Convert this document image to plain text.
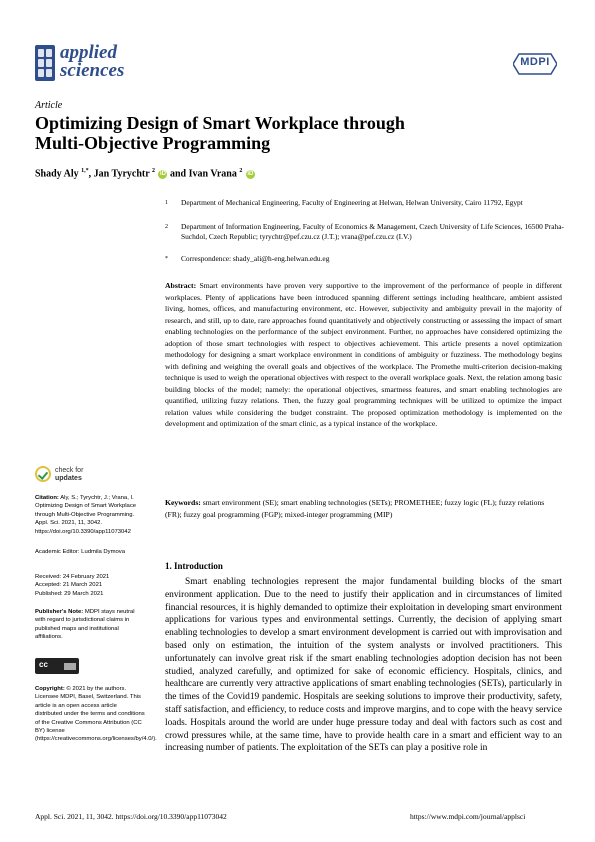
applied
sciences	MDPI
Article
Optimizing Design of Smart Workplace through Multi-Objective Programming
Shady Aly $^{1,*}$, Jan Tyrychtr $^2$ iD and Ivan Vrana $^2$ iD
1 Department of Mechanical Engineering, Faculty of Engineering at Helwan, Helwan University, Cairo 11792, Egypt
2 Department of Information Engineering, Faculty of Economics & Management, Czech University of Life Sciences, 16500 Praha-Suchdol, Czech Republic; tyrychtr@pef.czu.cz (J.T.); vrana@pef.czu.cz (I.V.)
* Correspondence: shady_ali@h-eng.helwan.edu.eg
Abstract: Smart environments have proven very supportive to the improvement of the performance of people in different workplaces. Plenty of applications have been introduced spanning different settings including healthcare, ambient assisted living, homes, offices, and manufacturing environment, etc. However, subjectivity and ambiguity prevail in the majority of research, and still, up to date, rare approaches found quantitatively and objectively constructing or assessing the impact of smart enabling technologies on the performance of the subject environment. Further, no approaches have considered optimizing the adoption of those smart technologies with respect to objectives achievement. This article presents a novel optimization methodology for designing a smart workplace environment in conditions of ambiguity or fuzziness. The methodology begins with defining and weighing the overall goals and objectives of the workplace. The Promethe multi-criterion decision-making technique is used to weigh the operational objectives with respect to the overall workplace goals. Next, the relation among basic building blocks of the model; namely: the operational objectives, smartness features, and smart enabling technologies are quantified, utilizing fuzzy relations. Then, the fuzzy goal programming techniques will be utilized to optimize the impact relation values while considering the budget constraint. The proposed optimization methodology is implemented on the development and optimization of the smart clinic, as a typical instance of the workplace.
Keywords: smart environment (SE); smart enabling technologies (SETs); PROMETHEE; fuzzy logic (FL); fuzzy relations (FR); fuzzy goal programming (FGP); mixed-integer programming (MIP)
1. Introduction

Smart enabling technologies represent the major fundamental building blocks of the smart environment application. Due to the need to justify their application and in circumstances of limited financial resources, it is highly demanded to optimize their exploitation in developing smart environment applications for various types and environmental settings. Currently, the decision of applying smart enabling technologies to develop a smart environment development is carried out with improvisation and based only on estimation, the intuition of the system analysts or involved practitioners. This unfortunately can involve great risk if the smart enabling technologies adoption decision has not been studied, analyzed carefully, and optimized for sake of economic efficiency. Hospitals, clinics, and healthcare are currently very attractive applications of smart enabling technologies (SETs), particularly in the times of the Covid19 pandemic. Hospitals are seeking solutions to improve their productivity, safety, staff satisfaction, and efficiency, to reduce costs and improve margins, and to cope with the heavy service loads. Hospitals around the world are under huge pressure today and deal with factors such as cost and crowd pressures while, at the same time, have to provide health care in a smart and efficient way to an increasing number of patients. The exploitation of the SETs can play a positive role in

check for
updates
Citation: Aly, S.; Tyrychtr, J.; Vrana, I. Optimizing Design of Smart Workplace through Multi-Objective Programming. Appl. Sci. 2021, 11, 3042. https://doi.org/10.3390/app11073042
Academic Editor: Ludmila Dymova
Received: 24 February 2021
Accepted: 21 March 2021
Published: 29 March 2021
Publisher's Note: MDPI stays neutral with regard to jurisdictional claims in published maps and institutional affiliations.
cc
Copyright: © 2021 by the authors. Licensee MDPI, Basel, Switzerland. This article is an open access article distributed under the terms and conditions of the Creative Commons Attribution (CC BY) license (https://creativecommons.org/licenses/by/4.0/).
Appl. Sci. 2021, 11, 3042. https://doi.org/10.3390/app11073042	https://www.mdpi.com/journal/applsci
